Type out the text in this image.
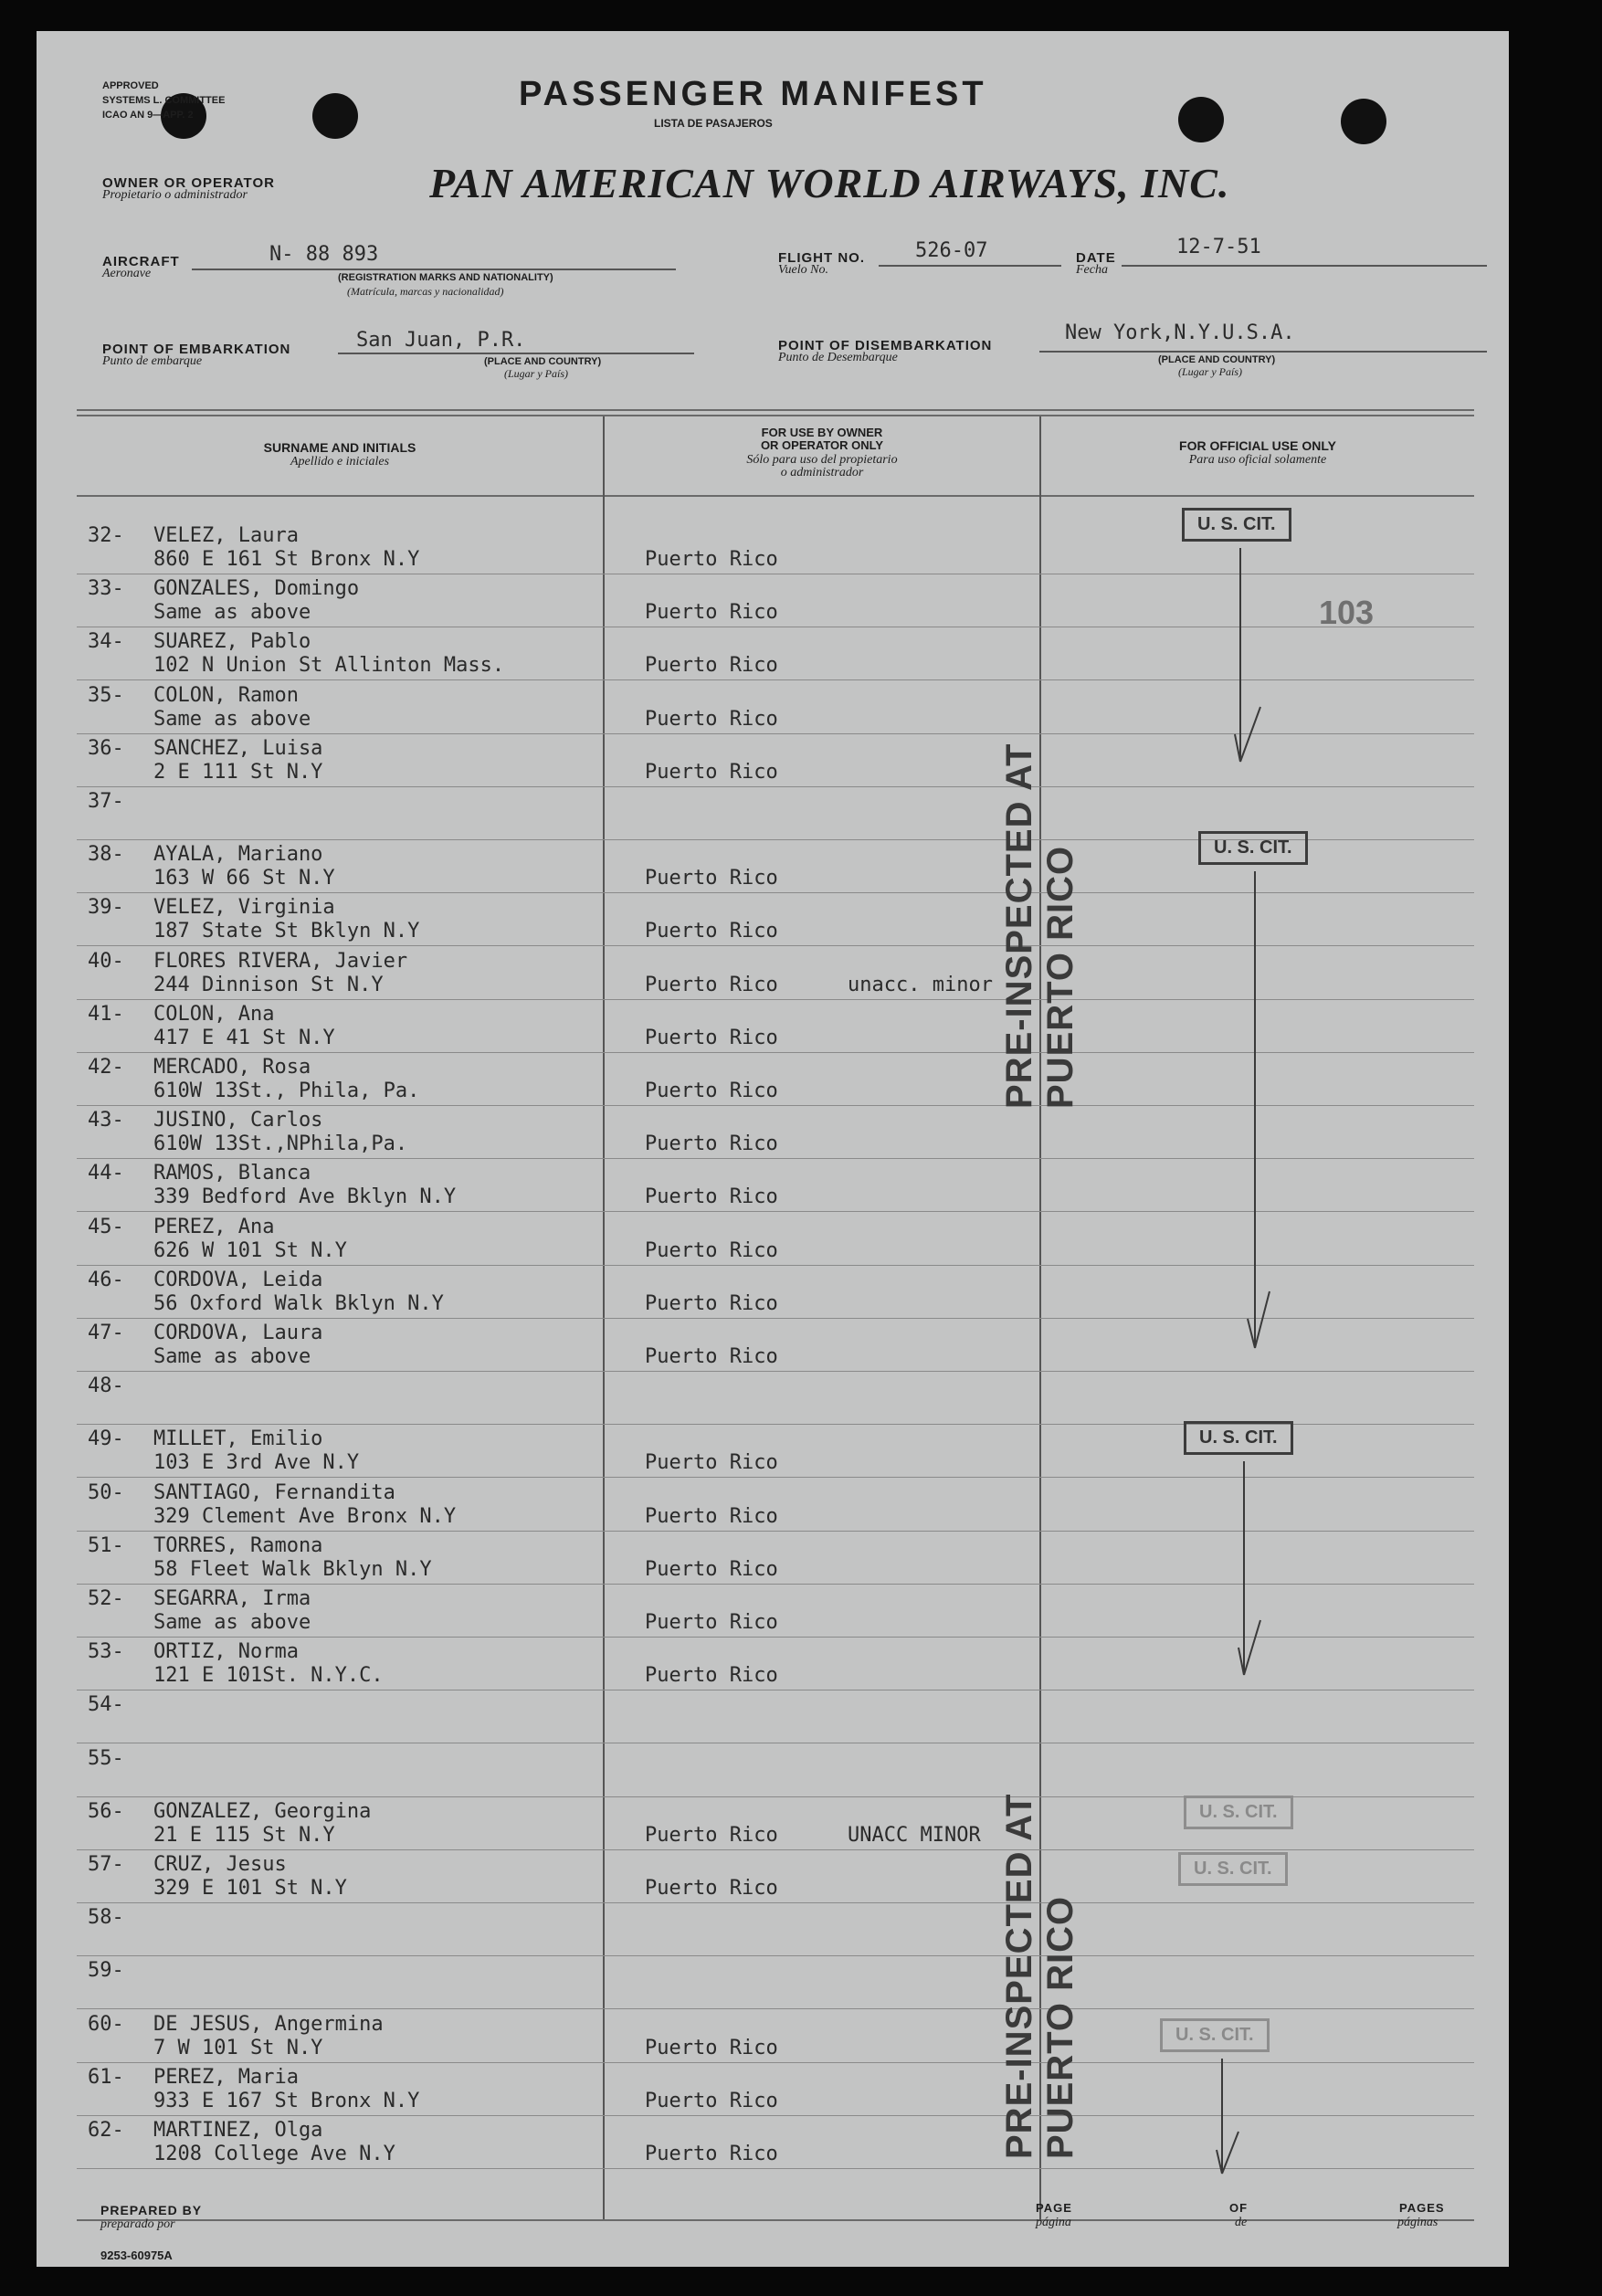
APPROVED
SYSTEMS L. COMMITTEE
ICAO AN 9—APP. 2
PASSENGER MANIFEST
LISTA DE PASAJEROS
OWNER OR OPERATOR
Propietario o administrador	PAN AMERICAN WORLD AIRWAYS, INC.
AIRCRAFT
Aeronave
N- 88 893
(REGISTRATION MARKS AND NATIONALITY)
(Matrícula, marcas y nacionalidad)
FLIGHT NO.
Vuelo No.
526-07	DATE
Fecha
12-7-51
POINT OF EMBARKATION
Punto de embarque
San Juan, P.R.
(PLACE AND COUNTRY)
(Lugar y País)
POINT OF DISEMBARKATION
Punto de Desembarque
New York,N.Y.U.S.A.
(PLACE AND COUNTRY)
(Lugar y País)
SURNAME AND INITIALS
Apellido e iniciales
FOR USE BY OWNER
OR OPERATOR ONLY
Sólo para uso del propietario
o administrador
FOR OFFICIAL USE ONLY
Para uso oficial solamente
32- VELEZ, Laura
860 E 161 St Bronx N.Y	Puerto Rico
33- GONZALES, Domingo
Same as above	Puerto Rico
34- SUAREZ, Pablo
102 N Union St Allinton Mass.	Puerto Rico
35- COLON, Ramon
Same as above	Puerto Rico
36- SANCHEZ, Luisa
2 E 111 St N.Y	Puerto Rico
37-
38- AYALA, Mariano
163 W 66 St N.Y	Puerto Rico
39- VELEZ, Virginia
187 State St Bklyn N.Y	Puerto Rico
40- FLORES RIVERA, Javier
244 Dinnison St N.Y	Puerto Rico	unacc. minor
41- COLON, Ana
417 E 41 St N.Y	Puerto Rico
42- MERCADO, Rosa
610W 13St., Phila, Pa.	Puerto Rico
43- JUSINO, Carlos
610W 13St.,NPhila,Pa.	Puerto Rico
44- RAMOS, Blanca
339 Bedford Ave Bklyn N.Y	Puerto Rico
45- PEREZ, Ana
626 W 101 St N.Y	Puerto Rico
46- CORDOVA, Leida
56 Oxford Walk Bklyn N.Y	Puerto Rico
47- CORDOVA, Laura
Same as above	Puerto Rico
48-
49- MILLET, Emilio
103 E 3rd Ave N.Y	Puerto Rico
50- SANTIAGO, Fernandita
329 Clement Ave Bronx N.Y	Puerto Rico
51- TORRES, Ramona
58 Fleet Walk Bklyn N.Y	Puerto Rico
52- SEGARRA, Irma
Same as above	Puerto Rico
53- ORTIZ, Norma
121 E 101St. N.Y.C.	Puerto Rico
54-
55-
56- GONZALEZ, Georgina
21 E 115 St N.Y	Puerto Rico	UNACC MINOR
57- CRUZ, Jesus
329 E 101 St N.Y	Puerto Rico
58-
59-
60- DE JESUS, Angermina
7 W 101 St N.Y	Puerto Rico
61- PEREZ, Maria
933 E 167 St Bronx N.Y	Puerto Rico
62- MARTINEZ, Olga
1208 College Ave N.Y	Puerto Rico
U. S. CIT.
U. S. CIT.
U. S. CIT.
U. S. CIT.
U. S. CIT.
U. S. CIT.
103
PRE-INSPECTED AT PUERTO RICO
PRE-INSPECTED AT PUERTO RICO
PREPARED BY
preparado por
PAGE
página
OF
de
PAGES
páginas
9253-60975A
